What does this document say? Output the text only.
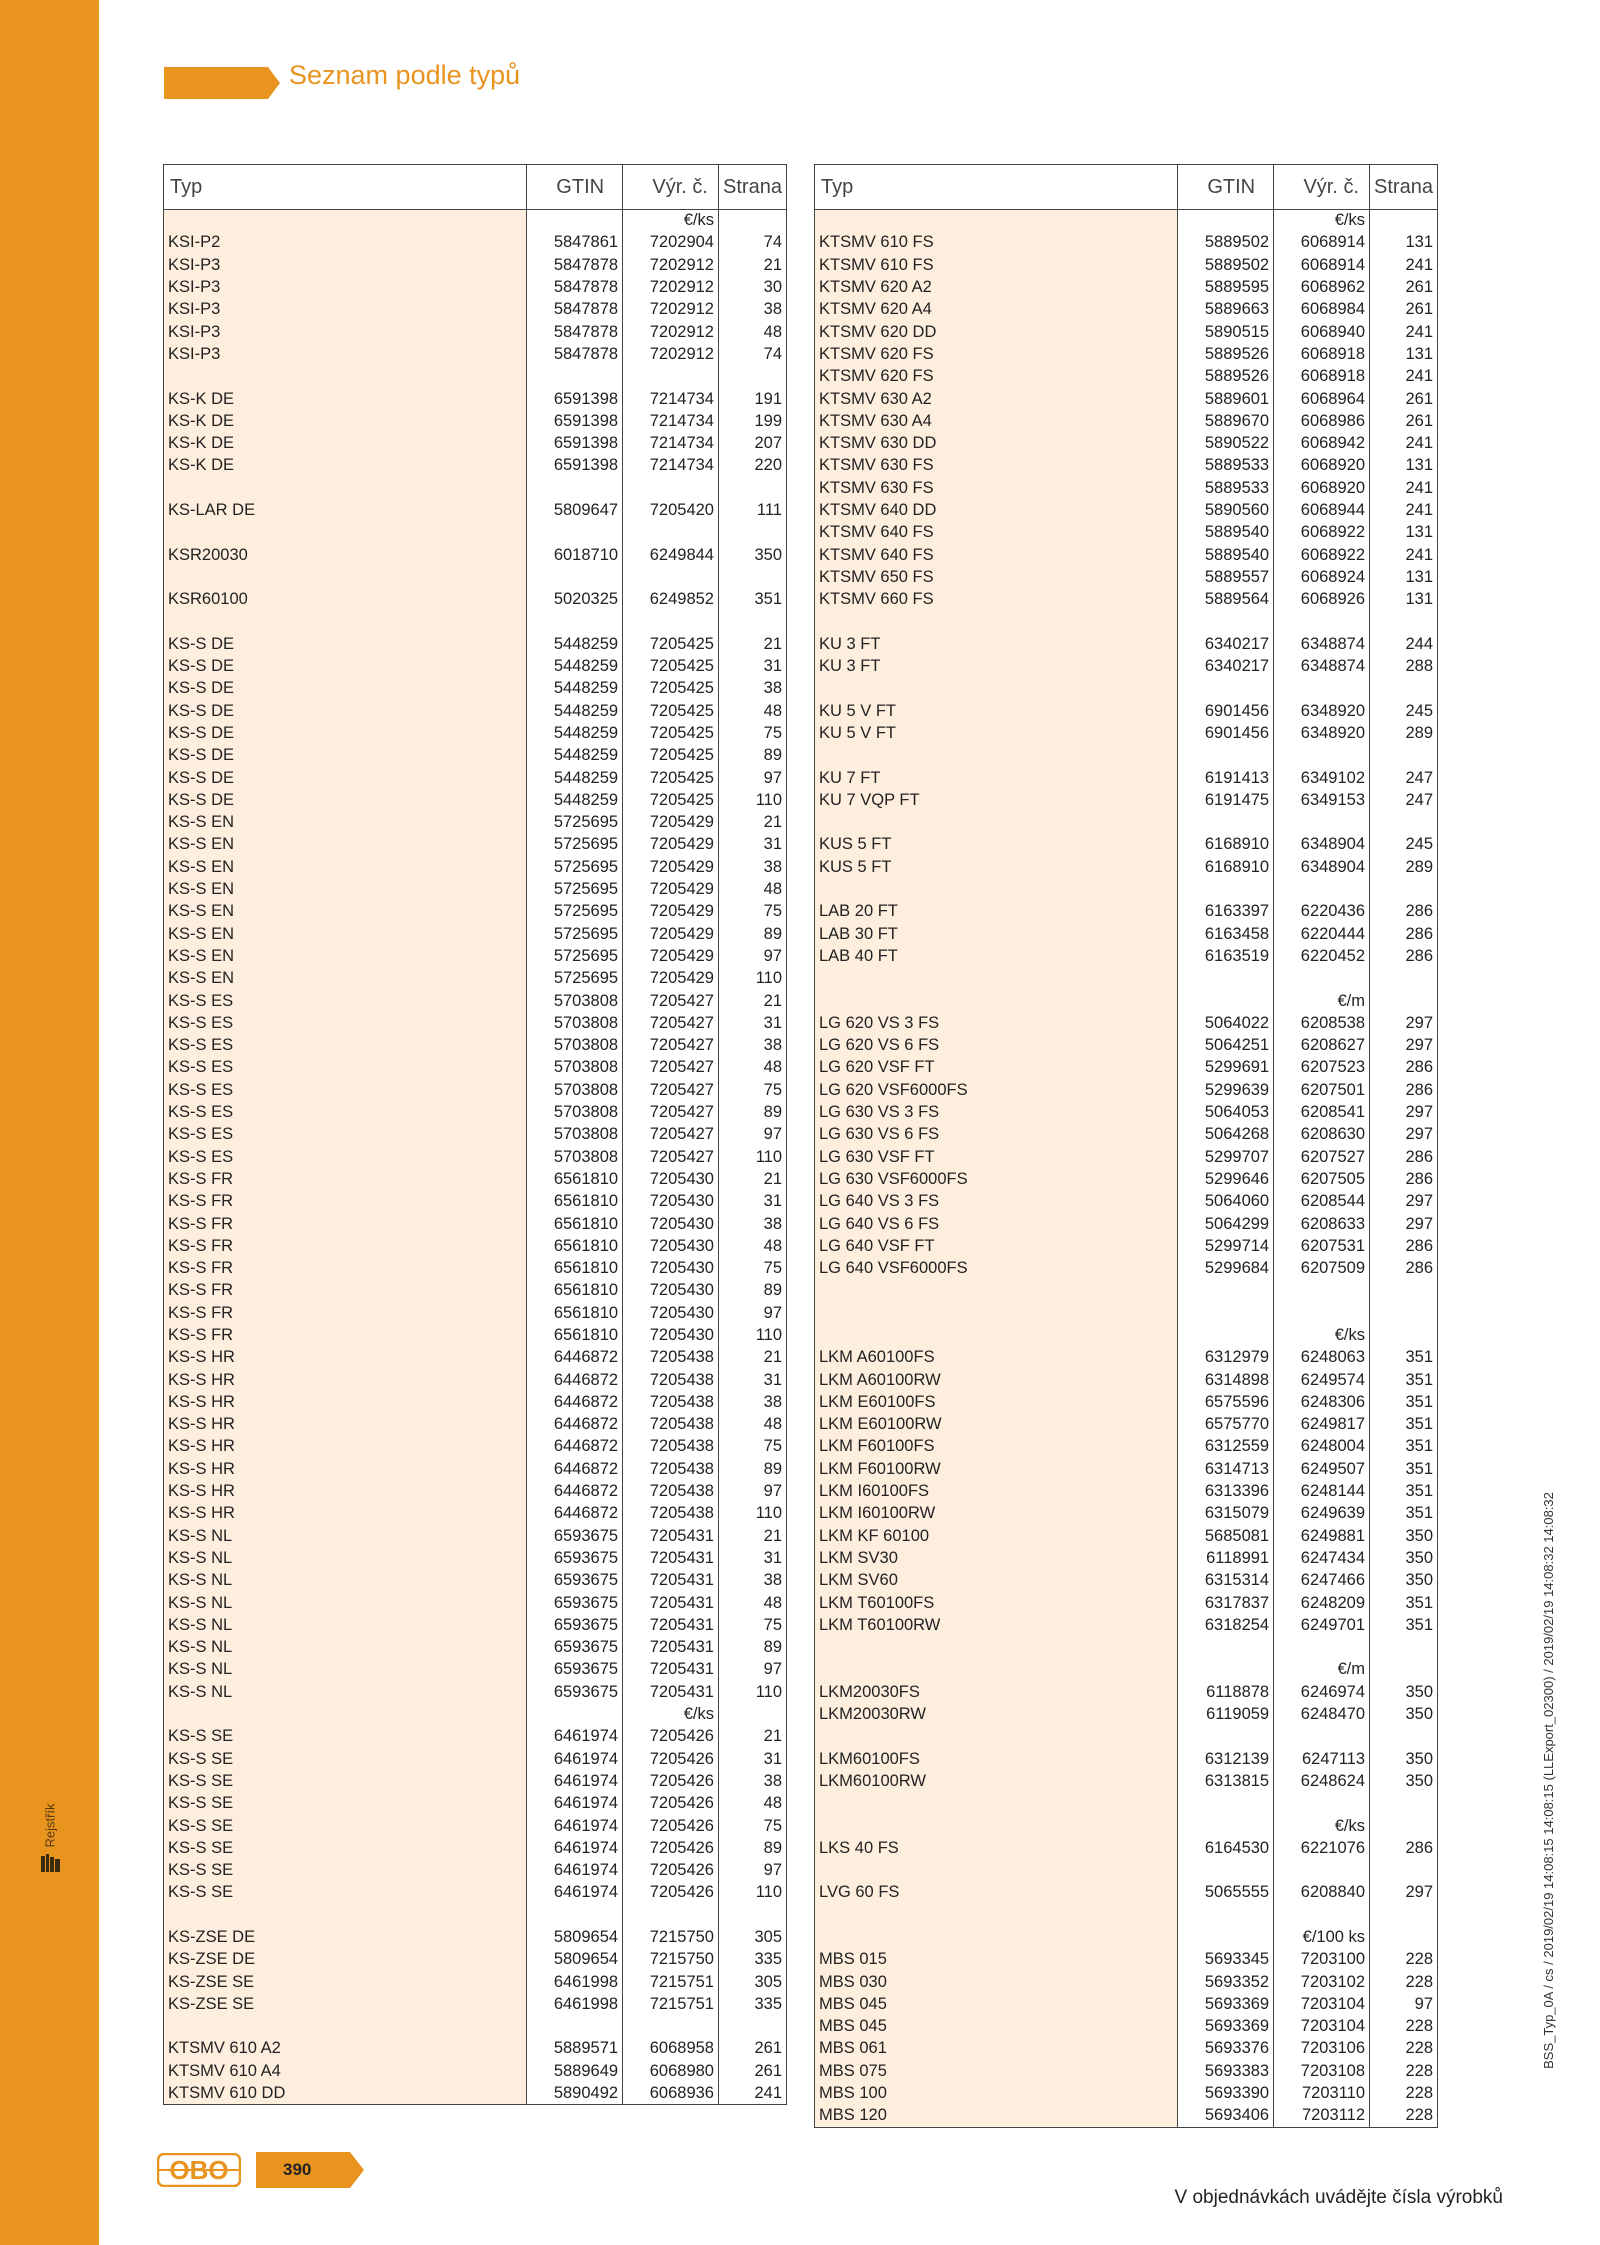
Rejstřík
Seznam podle typů
Typ	GTIN	Výr. č.	Strana
		€/ks	
KSI-P2	5847861	7202904	74
KSI-P3	5847878	7202912	21
KSI-P3	5847878	7202912	30
KSI-P3	5847878	7202912	38
KSI-P3	5847878	7202912	48
KSI-P3	5847878	7202912	74

KS-K DE	6591398	7214734	191
KS-K DE	6591398	7214734	199
KS-K DE	6591398	7214734	207
KS-K DE	6591398	7214734	220

KS-LAR DE	5809647	7205420	111

KSR20030	6018710	6249844	350

KSR60100	5020325	6249852	351

KS-S DE	5448259	7205425	21
KS-S DE	5448259	7205425	31
KS-S DE	5448259	7205425	38
KS-S DE	5448259	7205425	48
KS-S DE	5448259	7205425	75
KS-S DE	5448259	7205425	89
KS-S DE	5448259	7205425	97
KS-S DE	5448259	7205425	110
KS-S EN	5725695	7205429	21
KS-S EN	5725695	7205429	31
KS-S EN	5725695	7205429	38
KS-S EN	5725695	7205429	48
KS-S EN	5725695	7205429	75
KS-S EN	5725695	7205429	89
KS-S EN	5725695	7205429	97
KS-S EN	5725695	7205429	110
KS-S ES	5703808	7205427	21
KS-S ES	5703808	7205427	31
KS-S ES	5703808	7205427	38
KS-S ES	5703808	7205427	48
KS-S ES	5703808	7205427	75
KS-S ES	5703808	7205427	89
KS-S ES	5703808	7205427	97
KS-S ES	5703808	7205427	110
KS-S FR	6561810	7205430	21
KS-S FR	6561810	7205430	31
KS-S FR	6561810	7205430	38
KS-S FR	6561810	7205430	48
KS-S FR	6561810	7205430	75
KS-S FR	6561810	7205430	89
KS-S FR	6561810	7205430	97
KS-S FR	6561810	7205430	110
KS-S HR	6446872	7205438	21
KS-S HR	6446872	7205438	31
KS-S HR	6446872	7205438	38
KS-S HR	6446872	7205438	48
KS-S HR	6446872	7205438	75
KS-S HR	6446872	7205438	89
KS-S HR	6446872	7205438	97
KS-S HR	6446872	7205438	110
KS-S NL	6593675	7205431	21
KS-S NL	6593675	7205431	31
KS-S NL	6593675	7205431	38
KS-S NL	6593675	7205431	48
KS-S NL	6593675	7205431	75
KS-S NL	6593675	7205431	89
KS-S NL	6593675	7205431	97
KS-S NL	6593675	7205431	110
		€/ks	
KS-S SE	6461974	7205426	21
KS-S SE	6461974	7205426	31
KS-S SE	6461974	7205426	38
KS-S SE	6461974	7205426	48
KS-S SE	6461974	7205426	75
KS-S SE	6461974	7205426	89
KS-S SE	6461974	7205426	97
KS-S SE	6461974	7205426	110

KS-ZSE DE	5809654	7215750	305
KS-ZSE DE	5809654	7215750	335
KS-ZSE SE	6461998	7215751	305
KS-ZSE SE	6461998	7215751	335

KTSMV 610 A2	5889571	6068958	261
KTSMV 610 A4	5889649	6068980	261
KTSMV 610 DD	5890492	6068936	241
Typ	GTIN	Výr. č.	Strana
		€/ks	
KTSMV 610 FS	5889502	6068914	131
KTSMV 610 FS	5889502	6068914	241
KTSMV 620 A2	5889595	6068962	261
KTSMV 620 A4	5889663	6068984	261
KTSMV 620 DD	5890515	6068940	241
KTSMV 620 FS	5889526	6068918	131
KTSMV 620 FS	5889526	6068918	241
KTSMV 630 A2	5889601	6068964	261
KTSMV 630 A4	5889670	6068986	261
KTSMV 630 DD	5890522	6068942	241
KTSMV 630 FS	5889533	6068920	131
KTSMV 630 FS	5889533	6068920	241
KTSMV 640 DD	5890560	6068944	241
KTSMV 640 FS	5889540	6068922	131
KTSMV 640 FS	5889540	6068922	241
KTSMV 650 FS	5889557	6068924	131
KTSMV 660 FS	5889564	6068926	131

KU 3 FT	6340217	6348874	244
KU 3 FT	6340217	6348874	288

KU 5 V FT	6901456	6348920	245
KU 5 V FT	6901456	6348920	289

KU 7 FT	6191413	6349102	247
KU 7 VQP FT	6191475	6349153	247

KUS 5 FT	6168910	6348904	245
KUS 5 FT	6168910	6348904	289

LAB 20 FT	6163397	6220436	286
LAB 30 FT	6163458	6220444	286
LAB 40 FT	6163519	6220452	286

		€/m	
LG 620 VS 3 FS	5064022	6208538	297
LG 620 VS 6 FS	5064251	6208627	297
LG 620 VSF FT	5299691	6207523	286
LG 620 VSF6000FS	5299639	6207501	286
LG 630 VS 3 FS	5064053	6208541	297
LG 630 VS 6 FS	5064268	6208630	297
LG 630 VSF FT	5299707	6207527	286
LG 630 VSF6000FS	5299646	6207505	286
LG 640 VS 3 FS	5064060	6208544	297
LG 640 VS 6 FS	5064299	6208633	297
LG 640 VSF FT	5299714	6207531	286
LG 640 VSF6000FS	5299684	6207509	286

		€/ks	
LKM A60100FS	6312979	6248063	351
LKM A60100RW	6314898	6249574	351
LKM E60100FS	6575596	6248306	351
LKM E60100RW	6575770	6249817	351
LKM F60100FS	6312559	6248004	351
LKM F60100RW	6314713	6249507	351
LKM I60100FS	6313396	6248144	351
LKM I60100RW	6315079	6249639	351
LKM KF 60100	5685081	6249881	350
LKM SV30	6118991	6247434	350
LKM SV60	6315314	6247466	350
LKM T60100FS	6317837	6248209	351
LKM T60100RW	6318254	6249701	351

		€/m	
LKM20030FS	6118878	6246974	350
LKM20030RW	6119059	6248470	350

LKM60100FS	6312139	6247113	350
LKM60100RW	6313815	6248624	350

		€/ks	
LKS 40 FS	6164530	6221076	286

LVG 60 FS	5065555	6208840	297

		€/100 ks	
MBS 015	5693345	7203100	228
MBS 030	5693352	7203102	228
MBS 045	5693369	7203104	97
MBS 045	5693369	7203104	228
MBS 061	5693376	7203106	228
MBS 075	5693383	7203108	228
MBS 100	5693390	7203110	228
MBS 120	5693406	7203112	228
OBO	390
V objednávkách uvádějte čísla výrobků
BSS_Typ_0A / cs / 2019/02/19 14:08:15 14:08:15 (LLExport_02300) / 2019/02/19 14:08:32 14:08:32
